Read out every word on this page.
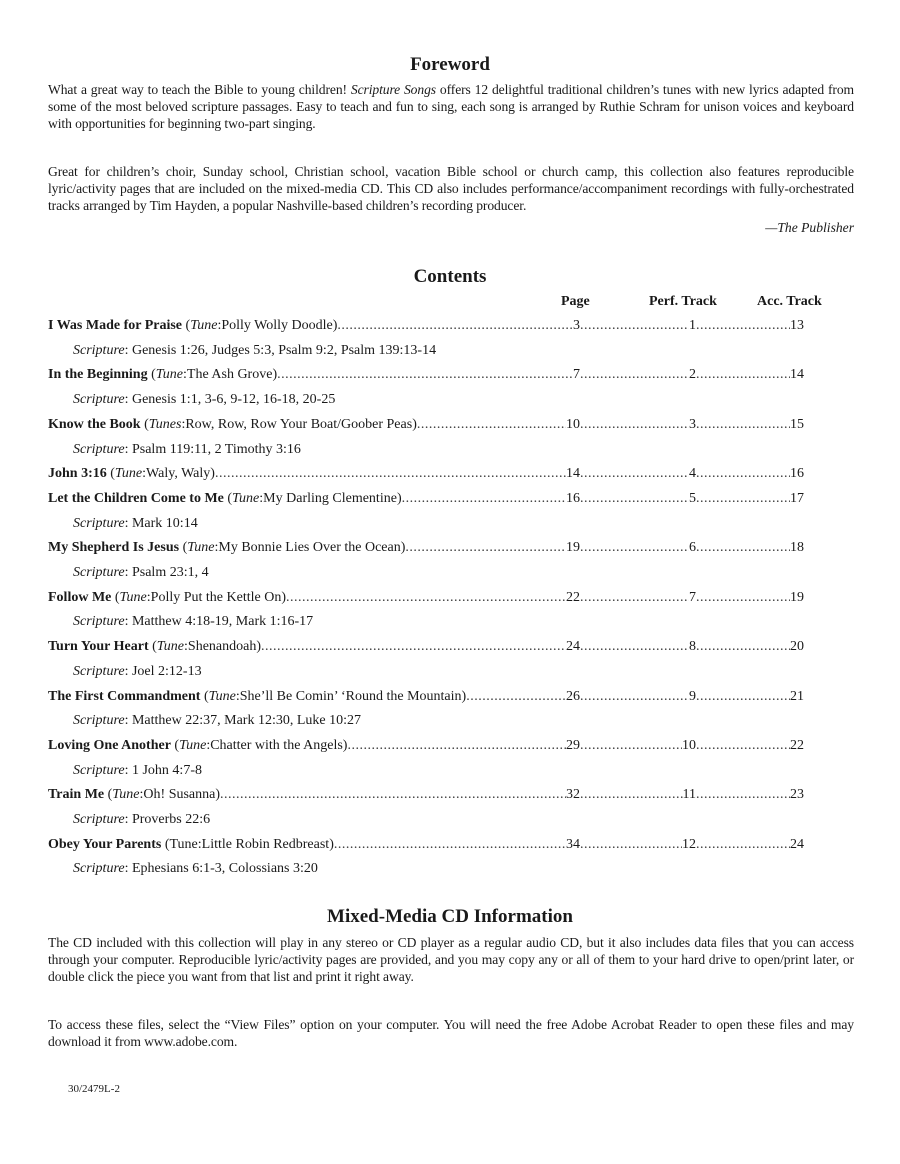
Foreword

What a great way to teach the Bible to young children! Scripture Songs offers 12 delightful traditional children’s tunes with new lyrics adapted from some of the most beloved scripture passages. Easy to teach and fun to sing, each song is arranged by Ruthie Schram for unison voices and keyboard with opportunities for beginning two-part singing.

Great for children’s choir, Sunday school, Christian school, vacation Bible school or church camp, this collection also features reproducible lyric/activity pages that are included on the mixed-media CD. This CD also includes performance/accompaniment recordings with fully-orchestrated tracks arranged by Tim Hayden, a popular Nashville-based children’s recording producer.

—The Publisher
Contents
Page	Perf. Track	Acc. Track
I Was Made for Praise ( Tune : Polly Wolly Doodle ) .....	3 .....	1 .....	13
Scripture: Genesis 1:26, Judges 5:3, Psalm 9:2, Psalm 139:13-14
In the Beginning ( Tune : The Ash Grove ) .....	7 .....	2 .....	14
Scripture: Genesis 1:1, 3-6, 9-12, 16-18, 20-25
Know the Book ( Tunes : Row, Row, Row Your Boat/Goober Peas ) .....	10 .....	3 .....	15
Scripture: Psalm 119:11, 2 Timothy 3:16
John 3:16 ( Tune : Waly, Waly ) .....	14 .....	4 .....	16
Let the Children Come to Me ( Tune : My Darling Clementine ) .....	16 .....	5 .....	17
Scripture: Mark 10:14
My Shepherd Is Jesus ( Tune : My Bonnie Lies Over the Ocean ) .....	19 .....	6 .....	18
Scripture: Psalm 23:1, 4
Follow Me ( Tune : Polly Put the Kettle On ) .....	22 .....	7 .....	19
Scripture: Matthew 4:18-19, Mark 1:16-17
Turn Your Heart ( Tune : Shenandoah ) .....	24 .....	8 .....	20
Scripture: Joel 2:12-13
The First Commandment ( Tune : She’ll Be Comin’ ‘Round the Mountain ) .....	26 .....	9 .....	21
Scripture: Matthew 22:37, Mark 12:30, Luke 10:27
Loving One Another ( Tune : Chatter with the Angels ) .....	29 .....	10 .....	22
Scripture: 1 John 4:7-8
Train Me ( Tune : Oh! Susanna ) .....	32 .....	11 .....	23
Scripture: Proverbs 22:6
Obey Your Parents ( Tune : Little Robin Redbreast ) .....	34 .....	12 .....	24
Scripture: Ephesians 6:1-3, Colossians 3:20
Mixed-Media CD Information

The CD included with this collection will play in any stereo or CD player as a regular audio CD, but it also includes data files that you can access through your computer. Reproducible lyric/activity pages are provided, and you may copy any or all of them to your hard drive to open/print later, or double click the piece you want from that list and print it right away.

To access these files, select the “View Files” option on your computer. You will need the free Adobe Acrobat Reader to open these files and may download it from www.adobe.com.

30/2479L-2
